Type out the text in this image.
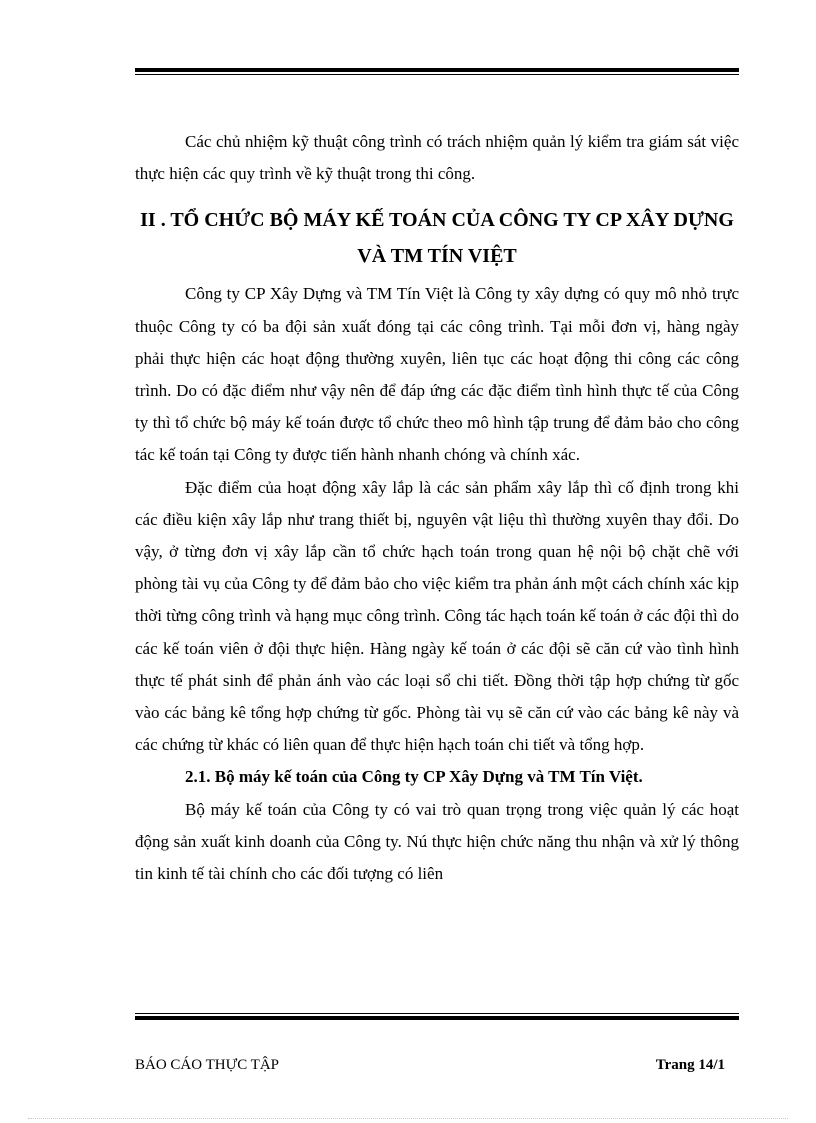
Các chủ nhiệm kỹ thuật công trình có trách nhiệm quản lý kiểm tra giám sát việc thực hiện các quy trình về kỹ thuật trong thi công.

II . TỔ CHỨC BỘ MÁY KẾ TOÁN CỦA CÔNG TY CP XÂY DỰNG VÀ TM TÍN VIỆT

Công ty CP Xây Dựng và TM Tín Việt là Công ty xây dựng có quy mô nhỏ trực thuộc Công ty có ba đội sản xuất đóng tại các công trình. Tại mỗi đơn vị, hàng ngày phải thực hiện các hoạt động thường xuyên, liên tục các hoạt động thi công các công trình. Do có đặc điểm như vậy nên để đáp ứng các đặc điểm tình hình thực tế của Công ty thì tổ chức bộ máy kế toán được tổ chức theo mô hình tập trung để đảm bảo cho công tác kế toán tại Công ty được tiến hành nhanh chóng và chính xác.

Đặc điểm của hoạt động xây lắp là các sản phẩm xây lắp thì cố định trong khi các điều kiện xây lắp như trang thiết bị, nguyên vật liệu thì thường xuyên thay đổi. Do vậy, ở từng đơn vị xây lắp cần tổ chức hạch toán trong quan hệ nội bộ chặt chẽ với phòng tài vụ của Công ty để đảm bảo cho việc kiểm tra phản ánh một cách chính xác kịp thời từng công trình và hạng mục công trình. Công tác hạch toán kế toán ở các đội thì do các kế toán viên ở đội thực hiện. Hàng ngày kế toán ở các đội sẽ căn cứ vào tình hình thực tế phát sinh để phản ánh vào các loại sổ chi tiết. Đồng thời tập hợp chứng từ gốc vào các bảng kê tổng hợp chứng từ gốc. Phòng tài vụ sẽ căn cứ vào các bảng kê này và các chứng từ khác có liên quan để thực hiện hạch toán chi tiết và tổng hợp.

2.1. Bộ máy kế toán của Công ty CP Xây Dựng và TM Tín Việt.

Bộ máy kế toán của Công ty có vai trò quan trọng trong việc quản lý các hoạt động sản xuất kinh doanh của Công ty. Nú thực hiện chức năng thu nhận và xử lý thông tin kinh tế tài chính cho các đối tượng có liên

BÁO CÁO THỰC TẬP	Trang 14/1
